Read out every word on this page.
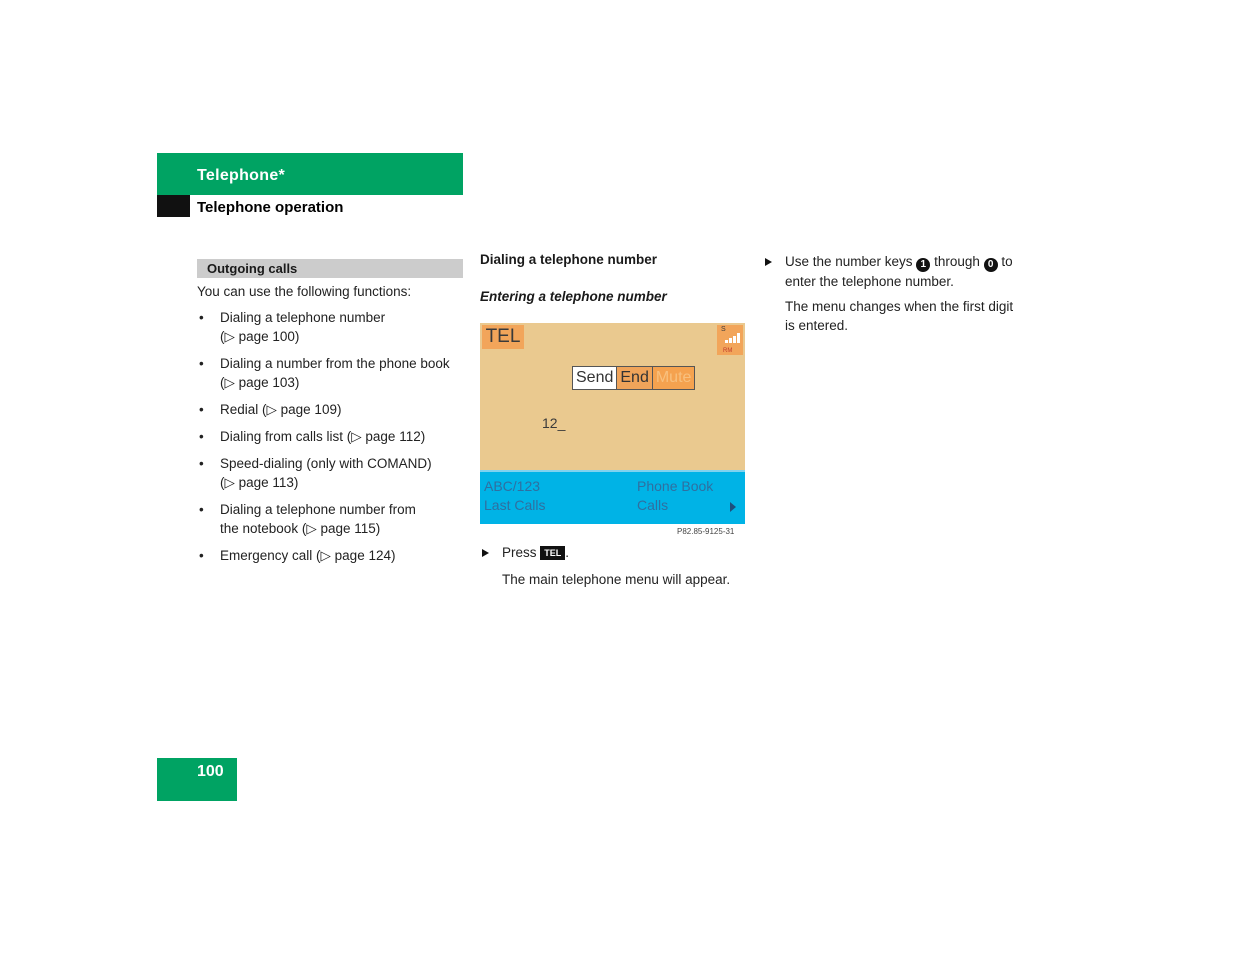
Telephone*
Telephone operation
Outgoing calls
You can use the following functions:
• Dialing a telephone number
(▷ page 100)
• Dialing a number from the phone book
(▷ page 103)
• Redial (▷ page 109)
• Dialing from calls list (▷ page 112)
• Speed-dialing (only with COMAND)
(▷ page 113)
• Dialing a telephone number from
the notebook (▷ page 115)
• Emergency call (▷ page 124)
Dialing a telephone number
Entering a telephone number
TEL	S
RM
Send End Mute
12_
ABC/123	Phone Book
Last Calls	Calls
P82.85-9125-31
Press TEL .
The main telephone menu will appear.
Use the number keys 1 through 0 to
enter the telephone number.
The menu changes when the first digit
is entered.
100
